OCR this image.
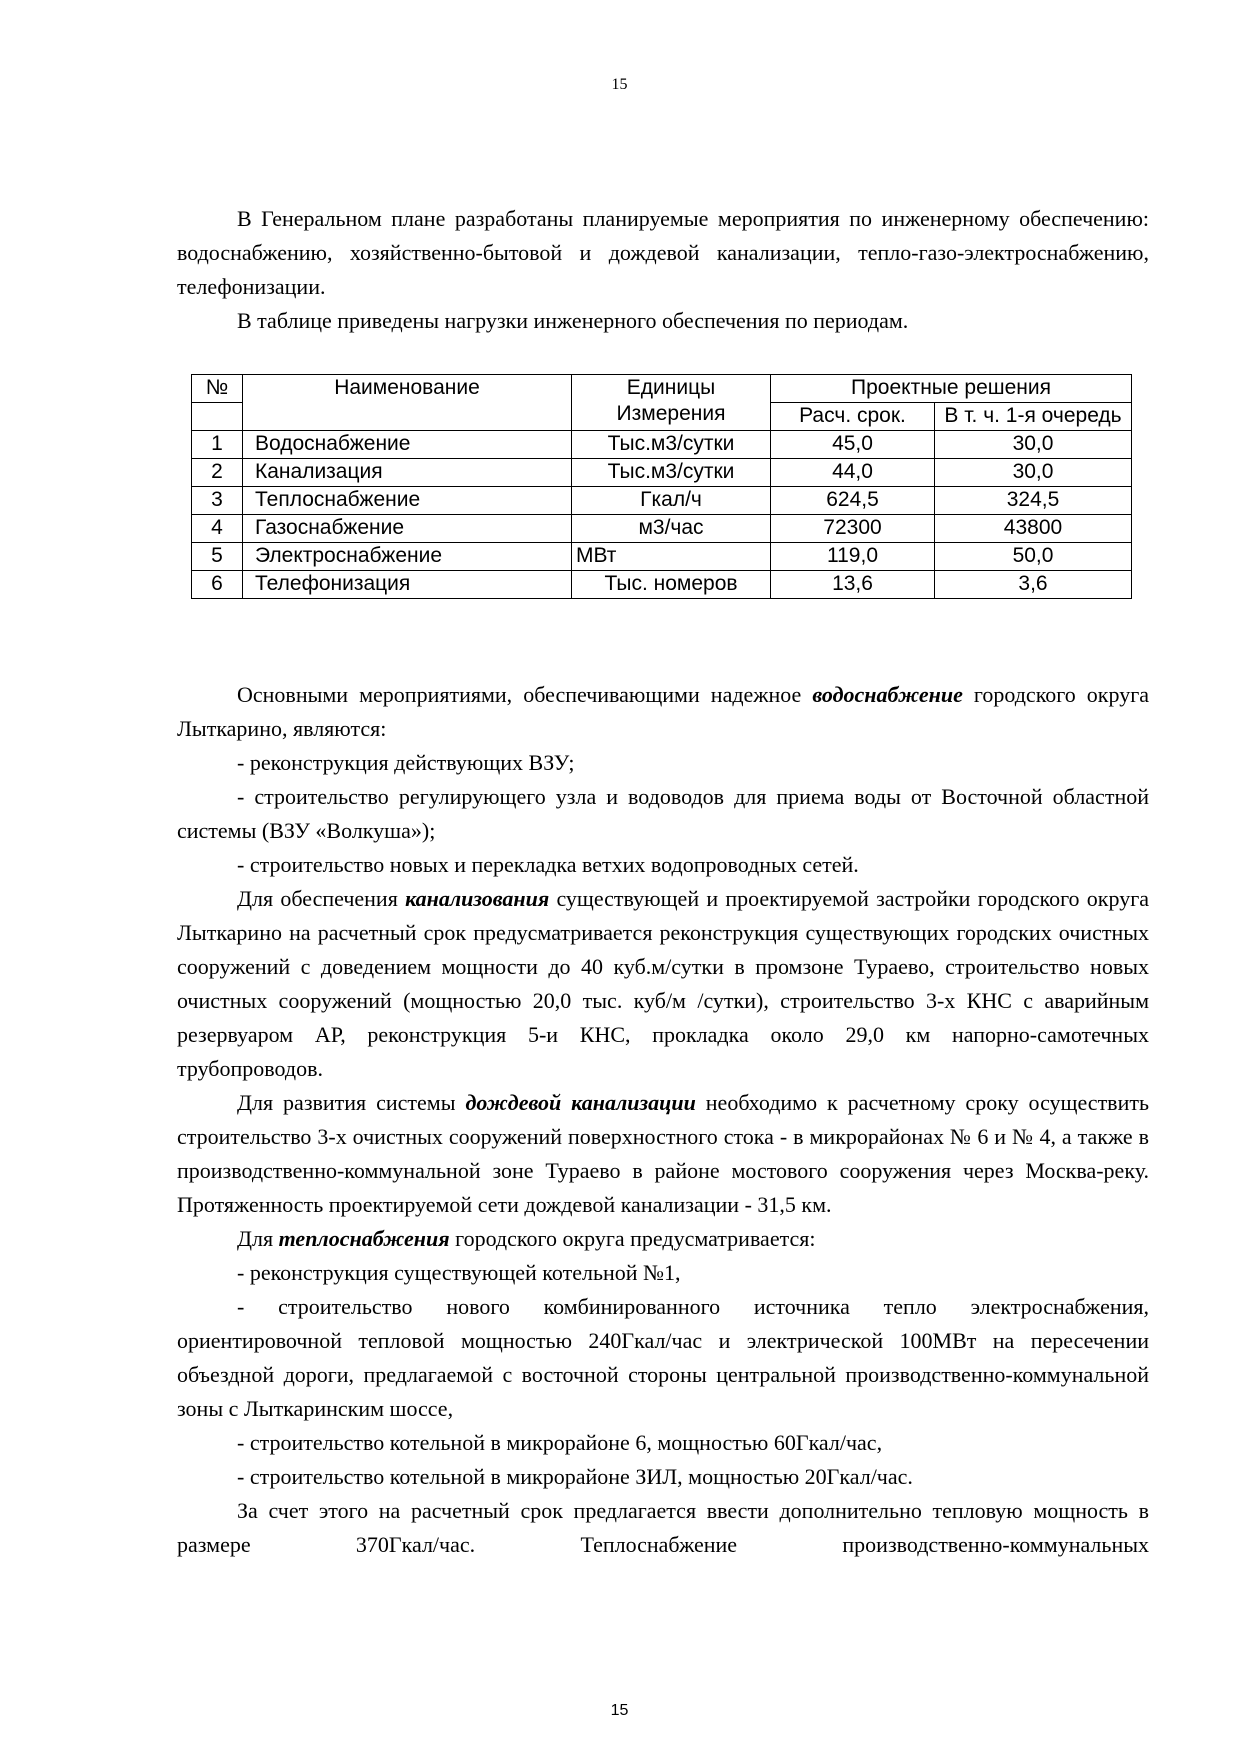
15

В Генеральном плане разработаны планируемые мероприятия по инженерному обеспечению: водоснабжению, хозяйственно-бытовой и дождевой канализации, тепло-газо-электроснабжению, телефонизации.

В таблице приведены нагрузки инженерного обеспечения по периодам.

№	Наименование	Единицы Измерения	Проектные решения	
			Расч. срок.	В т. ч. 1-я очередь

1	Водоснабжение	Тыс.м3/сутки	45,0	30,0
2	Канализация	Тыс.м3/сутки	44,0	30,0
3	Теплоснабжение	Гкал/ч	624,5	324,5
4	Газоснабжение	м3/час	72300	43800
5	Электроснабжение	МВт	119,0	50,0
6	Телефонизация	Тыс. номеров	13,6	3,6

Основными мероприятиями, обеспечивающими надежное водоснабжение городского округа Лыткарино, являются:

- реконструкция действующих ВЗУ;

- строительство регулирующего узла и водоводов для приема воды от Восточной областной системы (ВЗУ «Волкуша»);

- строительство новых и перекладка ветхих водопроводных сетей.

Для обеспечения канализования существующей и проектируемой застройки городского округа Лыткарино на расчетный срок предусматривается реконструкция существующих городских очистных сооружений с доведением мощности до 40 куб.м/сутки в промзоне Тураево, строительство новых очистных сооружений (мощностью 20,0 тыс. куб/м /сутки), строительство 3-х КНС с аварийным резервуаром АР, реконструкция 5-и КНС, прокладка около 29,0 км напорно-самотечных трубопроводов.

Для развития системы дождевой канализации необходимо к расчетному сроку осуществить строительство 3-х очистных сооружений поверхностного стока - в микрорайонах № 6 и № 4, а также в производственно-коммунальной зоне Тураево в районе мостового сооружения через Москва-реку. Протяженность проектируемой сети дождевой канализации - 31,5 км.

Для теплоснабжения городского округа предусматривается:

- реконструкция существующей котельной №1,

- строительство нового комбинированного источника тепло электроснабжения, ориентировочной тепловой мощностью 240Гкал/час и электрической 100МВт на пересечении объездной дороги, предлагаемой с восточной стороны центральной производственно-коммунальной зоны с Лыткаринским шоссе,

- строительство котельной в микрорайоне 6, мощностью 60Гкал/час,

- строительство котельной в микрорайоне ЗИЛ, мощностью 20Гкал/час.

За счет этого на расчетный срок предлагается ввести дополнительно тепловую мощность в размере 370Гкал/час. Теплоснабжение производственно-коммунальных

15
